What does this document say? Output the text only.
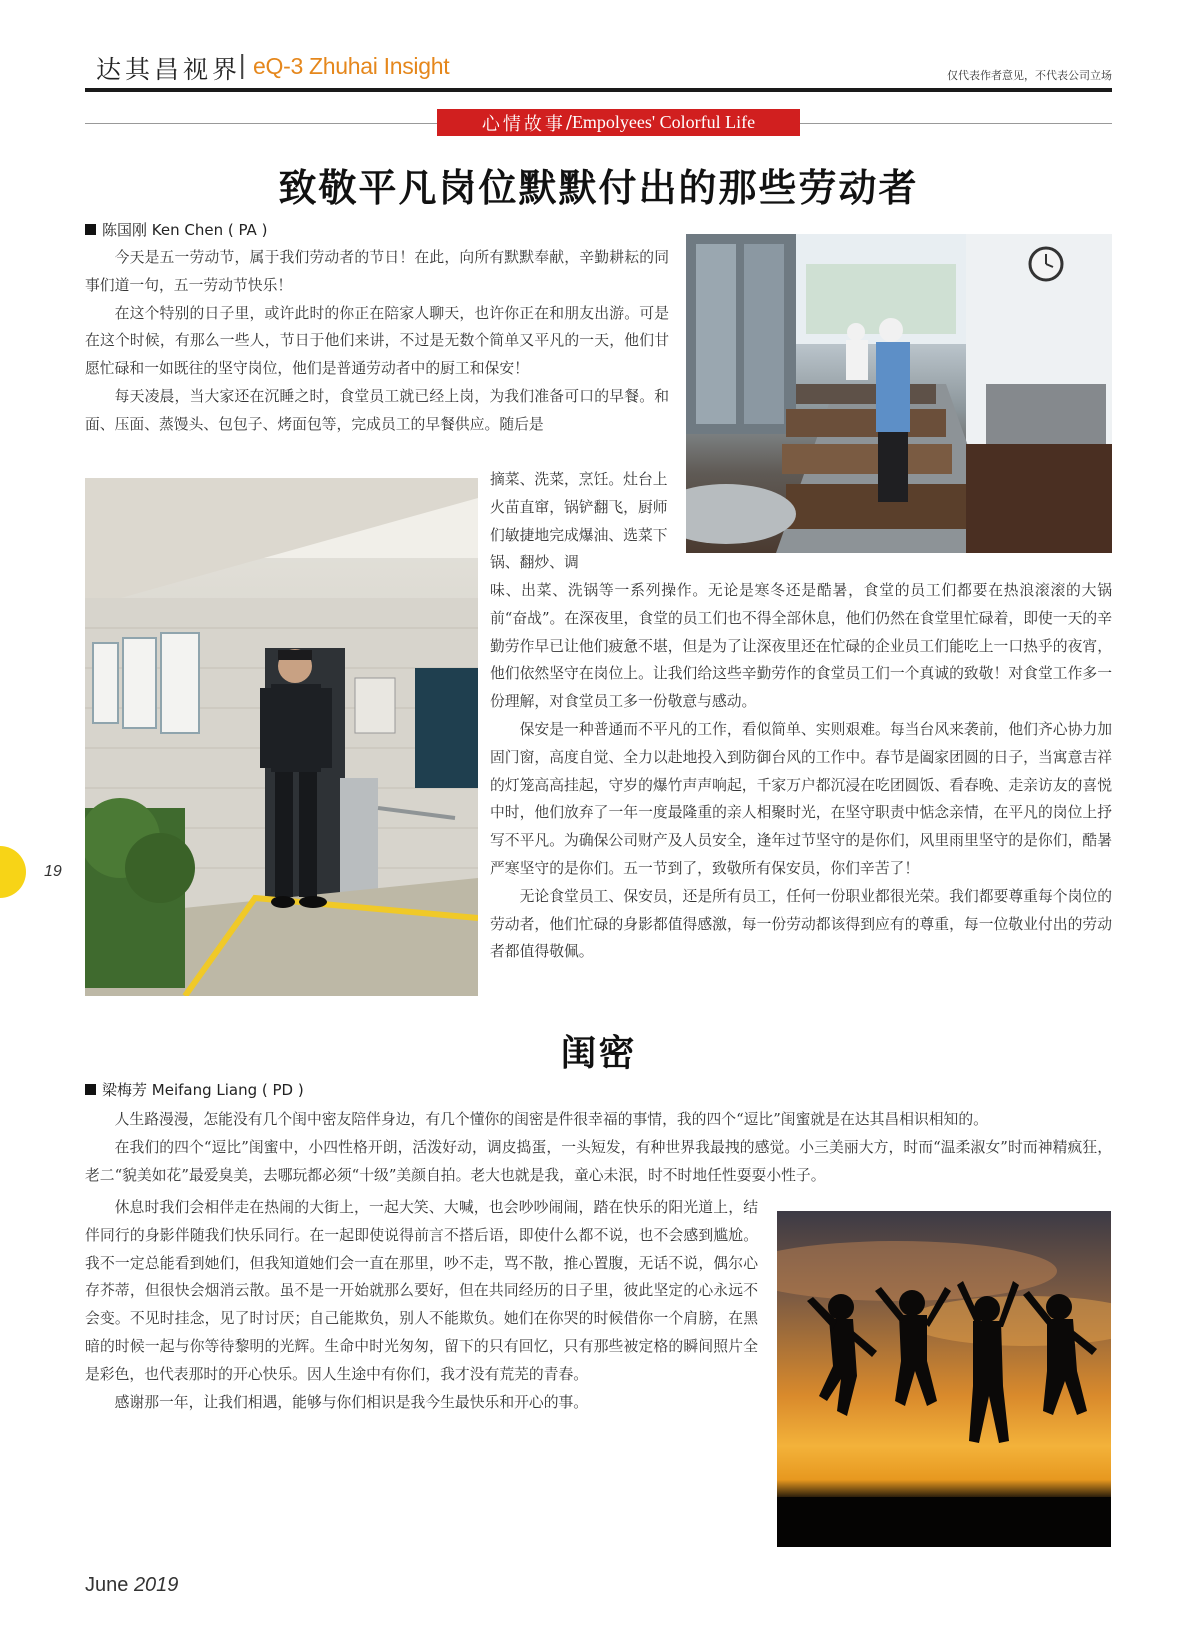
达其昌视界
| eQ-3 Zhuhai Insight	仅代表作者意见，不代表公司立场
心情故事 / Empolyees' Colorful Life
致敬平凡岗位默默付出的那些劳动者
陈国刚 Ken Chen ( PA )

今天是五一劳动节，属于我们劳动者的节日！在此，向所有默默奉献，辛勤耕耘的同事们道一句，五一劳动节快乐！

在这个特别的日子里，或许此时的你正在陪家人聊天，也许你正在和朋友出游。可是在这个时候，有那么一些人，节日于他们来讲，不过是无数个简单又平凡的一天，他们甘愿忙碌和一如既往的坚守岗位，他们是普通劳动者中的厨工和保安！

每天凌晨，当大家还在沉睡之时，食堂员工就已经上岗，为我们准备可口的早餐。和面、压面、蒸馒头、包包子、烤面包等，完成员工的早餐供应。随后是

摘菜、洗菜，烹饪。灶台上火苗直窜，锅铲翻飞，厨师们敏捷地完成爆油、选菜下锅、翻炒、调
味、出菜、洗锅等一系列操作。无论是寒冬还是酷暑，食堂的员工们都要在热浪滚滚的大锅前“奋战”。在深夜里，食堂的员工们也不得全部休息，他们仍然在食堂里忙碌着，即使一天的辛勤劳作早已让他们疲惫不堪，但是为了让深夜里还在忙碌的企业员工们能吃上一口热乎的夜宵，他们依然坚守在岗位上。让我们给这些辛勤劳作的食堂员工们一个真诚的致敬！对食堂工作多一份理解，对食堂员工多一份敬意与感动。

保安是一种普通而不平凡的工作，看似简单、实则艰难。每当台风来袭前，他们齐心协力加固门窗，高度自觉、全力以赴地投入到防御台风的工作中。春节是阖家团圆的日子，当寓意吉祥的灯笼高高挂起，守岁的爆竹声声响起，千家万户都沉浸在吃团圆饭、看春晚、走亲访友的喜悦中时，他们放弃了一年一度最隆重的亲人相聚时光，在坚守职责中惦念亲情，在平凡的岗位上抒写不平凡。为确保公司财产及人员安全，逢年过节坚守的是你们，风里雨里坚守的是你们，酷暑严寒坚守的是你们。五一节到了，致敬所有保安员，你们辛苦了！

无论食堂员工、保安员，还是所有员工，任何一份职业都很光荣。我们都要尊重每个岗位的劳动者，他们忙碌的身影都值得感激，每一份劳动都该得到应有的尊重，每一位敬业付出的劳动者都值得敬佩。

闺密
梁梅芳 Meifang Liang ( PD )

人生路漫漫，怎能没有几个闺中密友陪伴身边，有几个懂你的闺密是件很幸福的事情，我的四个“逗比”闺蜜就是在达其昌相识相知的。

在我们的四个“逗比”闺蜜中，小四性格开朗，活泼好动，调皮捣蛋，一头短发，有种世界我最拽的感觉。小三美丽大方，时而“温柔淑女”时而神精疯狂，老二“貌美如花”最爱臭美，去哪玩都必须“十级”美颜自拍。老大也就是我，童心未泯，时不时地任性耍耍小性子。

休息时我们会相伴走在热闹的大街上，一起大笑、大喊，也会吵吵闹闹，踏在快乐的阳光道上，结伴同行的身影伴随我们快乐同行。在一起即使说得前言不搭后语，即使什么都不说，也不会感到尴尬。我不一定总能看到她们，但我知道她们会一直在那里，吵不走，骂不散，推心置腹，无话不说，偶尔心存芥蒂，但很快会烟消云散。虽不是一开始就那么要好，但在共同经历的日子里，彼此坚定的心永远不会变。不见时挂念，见了时讨厌；自己能欺负，别人不能欺负。她们在你哭的时候借你一个肩膀，在黑暗的时候一起与你等待黎明的光辉。生命中时光匆匆，留下的只有回忆，只有那些被定格的瞬间照片全是彩色，也代表那时的开心快乐。因人生途中有你们，我才没有荒芜的青春。

感谢那一年，让我们相遇，能够与你们相识是我今生最快乐和开心的事。

19
June 2019
